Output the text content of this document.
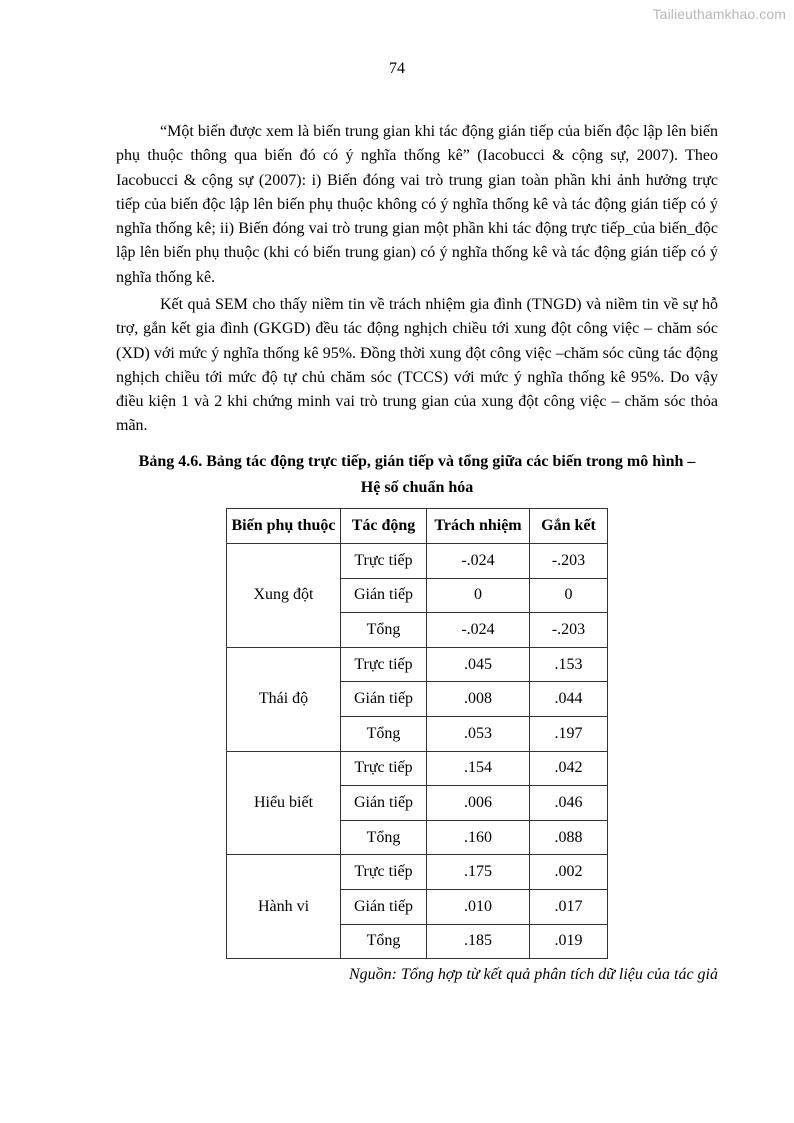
Tailieuthamkhao.com
74

“Một biến được xem là biến trung gian khi tác động gián tiếp của biến độc lập lên biến phụ thuộc thông qua biến đó có ý nghĩa thống kê” (Iacobucci & cộng sự, 2007). Theo Iacobucci & cộng sự (2007): i) Biến đóng vai trò trung gian toàn phần khi ảnh hưởng trực tiếp của biến độc lập lên biến phụ thuộc không có ý nghĩa thống kê và tác động gián tiếp có ý nghĩa thống kê; ii) Biến đóng vai trò trung gian một phần khi tác động trực tiếp_của biến_độc lập lên biến phụ thuộc (khi có biến trung gian) có ý nghĩa thống kê và tác động gián tiếp có ý nghĩa thống kê.

Kết quả SEM cho thấy niềm tin về trách nhiệm gia đình (TNGD) và niềm tin về sự hỗ trợ, gắn kết gia đình (GKGD) đều tác động nghịch chiều tới xung đột công việc – chăm sóc (XD) với mức ý nghĩa thống kê 95%. Đồng thời xung đột công việc –chăm sóc cũng tác động nghịch chiều tới mức độ tự chủ chăm sóc (TCCS) với mức ý nghĩa thống kê 95%. Do vậy điều kiện 1 và 2 khi chứng minh vai trò trung gian của xung đột công việc – chăm sóc thỏa mãn.

Bảng 4.6. Bảng tác động trực tiếp, gián tiếp và tổng giữa các biến trong mô hình –
Hệ số chuẩn hóa
Biến phụ thuộc	Tác động	Trách nhiệm	Gắn kết
Xung đột	Trực tiếp	-.024	-.203
	Gián tiếp	0	0
	Tổng	-.024	-.203
Thái độ	Trực tiếp	.045	.153
	Gián tiếp	.008	.044
	Tổng	.053	.197
Hiểu biết	Trực tiếp	.154	.042
	Gián tiếp	.006	.046
	Tổng	.160	.088
Hành vi	Trực tiếp	.175	.002
	Gián tiếp	.010	.017
	Tổng	.185	.019
Nguồn: Tổng hợp từ kết quả phân tích dữ liệu của tác giả
